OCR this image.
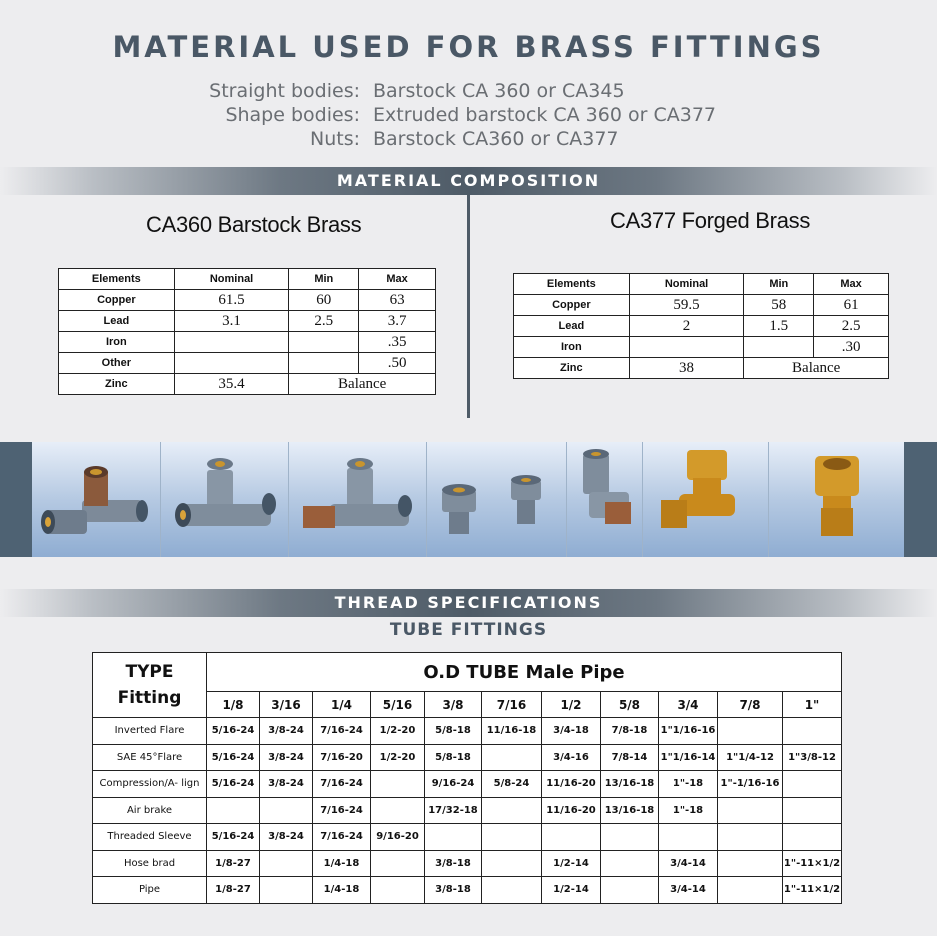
MATERIAL USED FOR BRASS FITTINGS
Straight bodies: Barstock CA 360 or CA345
Shape bodies: Extruded barstock CA 360 or CA377
Nuts: Barstock CA360 or CA377
MATERIAL COMPOSITION
CA360 Barstock Brass
Elements	Nominal	Min	Max
Copper	61.5	60	63
Lead	3.1	2.5	3.7
Iron			.35
Other			.50
Zinc	35.4	Balance	
CA377 Forged Brass
Elements	Nominal	Min	Max
Copper	59.5	58	61
Lead	2	1.5	2.5
Iron			.30
Zinc	38	Balance	
THREAD SPECIFICATIONS
TUBE FITTINGS
TYPE
Fitting	O.D TUBE Male Pipe										
	1/8	3/16	1/4	5/16	3/8	7/16	1/2	5/8	3/4	7/8	1"
Inverted Flare	5/16-24	3/8-24	7/16-24	1/2-20	5/8-18	11/16-18	3/4-18	7/8-18	1"1/16-16		
SAE 45°Flare	5/16-24	3/8-24	7/16-20	1/2-20	5/8-18		3/4-16	7/8-14	1"1/16-14	1"1/4-12	1"3/8-12
Compression/A- lign	5/16-24	3/8-24	7/16-24		9/16-24	5/8-24	11/16-20	13/16-18	1"-18	1"-1/16-16	
Air brake			7/16-24		17/32-18		11/16-20	13/16-18	1"-18		
Threaded Sleeve	5/16-24	3/8-24	7/16-24	9/16-20							
Hose brad	1/8-27		1/4-18		3/8-18		1/2-14		3/4-14		1"-11×1/2
Pipe	1/8-27		1/4-18		3/8-18		1/2-14		3/4-14		1"-11×1/2
